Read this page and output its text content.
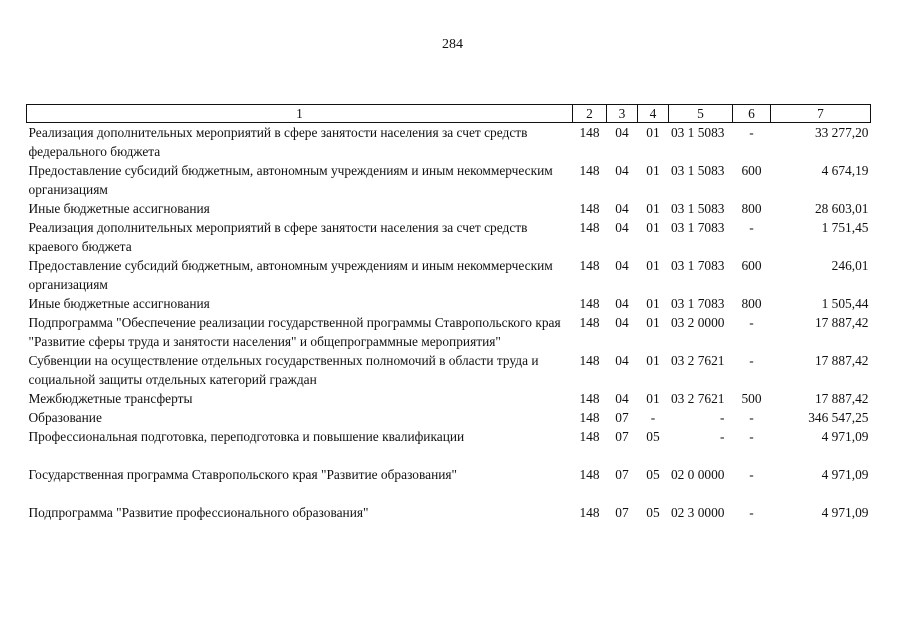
284
1	2	3	4	5	6	7
Реализация дополнительных мероприятий в сфере занятости населения за счет средств федерального бюджета	148	04	01	03 1 5083	-	33 277,20
Предоставление субсидий бюджетным, автономным учреждениям и иным некоммерческим организациям	148	04	01	03 1 5083	600	4 674,19
Иные бюджетные ассигнования	148	04	01	03 1 5083	800	28 603,01
Реализация дополнительных мероприятий в сфере занятости населения за счет средств краевого бюджета	148	04	01	03 1 7083	-	1 751,45
Предоставление субсидий бюджетным, автономным учреждениям и иным некоммерческим организациям	148	04	01	03 1 7083	600	246,01
Иные бюджетные ассигнования	148	04	01	03 1 7083	800	1 505,44
Подпрограмма "Обеспечение реализации государственной программы Ставропольского края "Развитие сферы труда и занятости населения" и общепрограммные мероприятия"	148	04	01	03 2 0000	-	17 887,42
Субвенции на осуществление отдельных государственных полномочий в области труда и социальной защиты отдельных категорий граждан	148	04	01	03 2 7621	-	17 887,42
Межбюджетные трансферты	148	04	01	03 2 7621	500	17 887,42
Образование	148	07	-	-	-	346 547,25
Профессиональная подготовка, переподготовка и повышение квалификации	148	07	05	-	-	4 971,09
Государственная программа Ставропольского края "Развитие образования"	148	07	05	02 0 0000	-	4 971,09
Подпрограмма "Развитие профессионального образования"	148	07	05	02 3 0000	-	4 971,09
